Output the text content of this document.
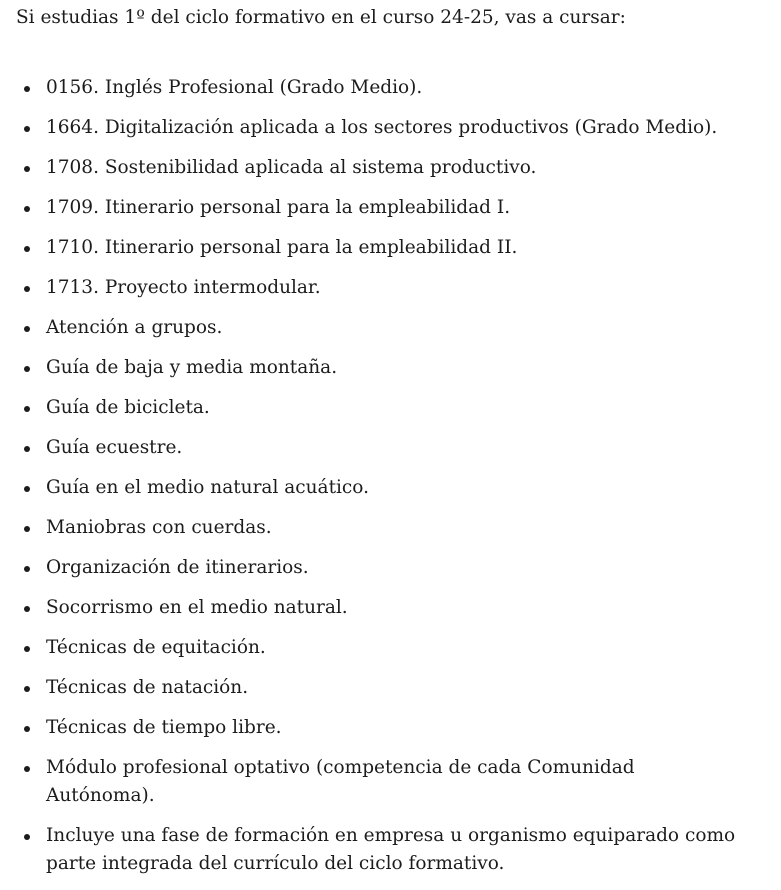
Si estudias 1º del ciclo formativo en el curso 24-25, vas a cursar:

0156. Inglés Profesional (Grado Medio).
1664. Digitalización aplicada a los sectores productivos (Grado Medio).
1708. Sostenibilidad aplicada al sistema productivo.
1709. Itinerario personal para la empleabilidad I.
1710. Itinerario personal para la empleabilidad II.
1713. Proyecto intermodular.
Atención a grupos.
Guía de baja y media montaña.
Guía de bicicleta.
Guía ecuestre.
Guía en el medio natural acuático.
Maniobras con cuerdas.
Organización de itinerarios.
Socorrismo en el medio natural.
Técnicas de equitación.
Técnicas de natación.
Técnicas de tiempo libre.
Módulo profesional optativo (competencia de cada Comunidad Autónoma).
Incluye una fase de formación en empresa u organismo equiparado como parte integrada del currículo del ciclo formativo.
